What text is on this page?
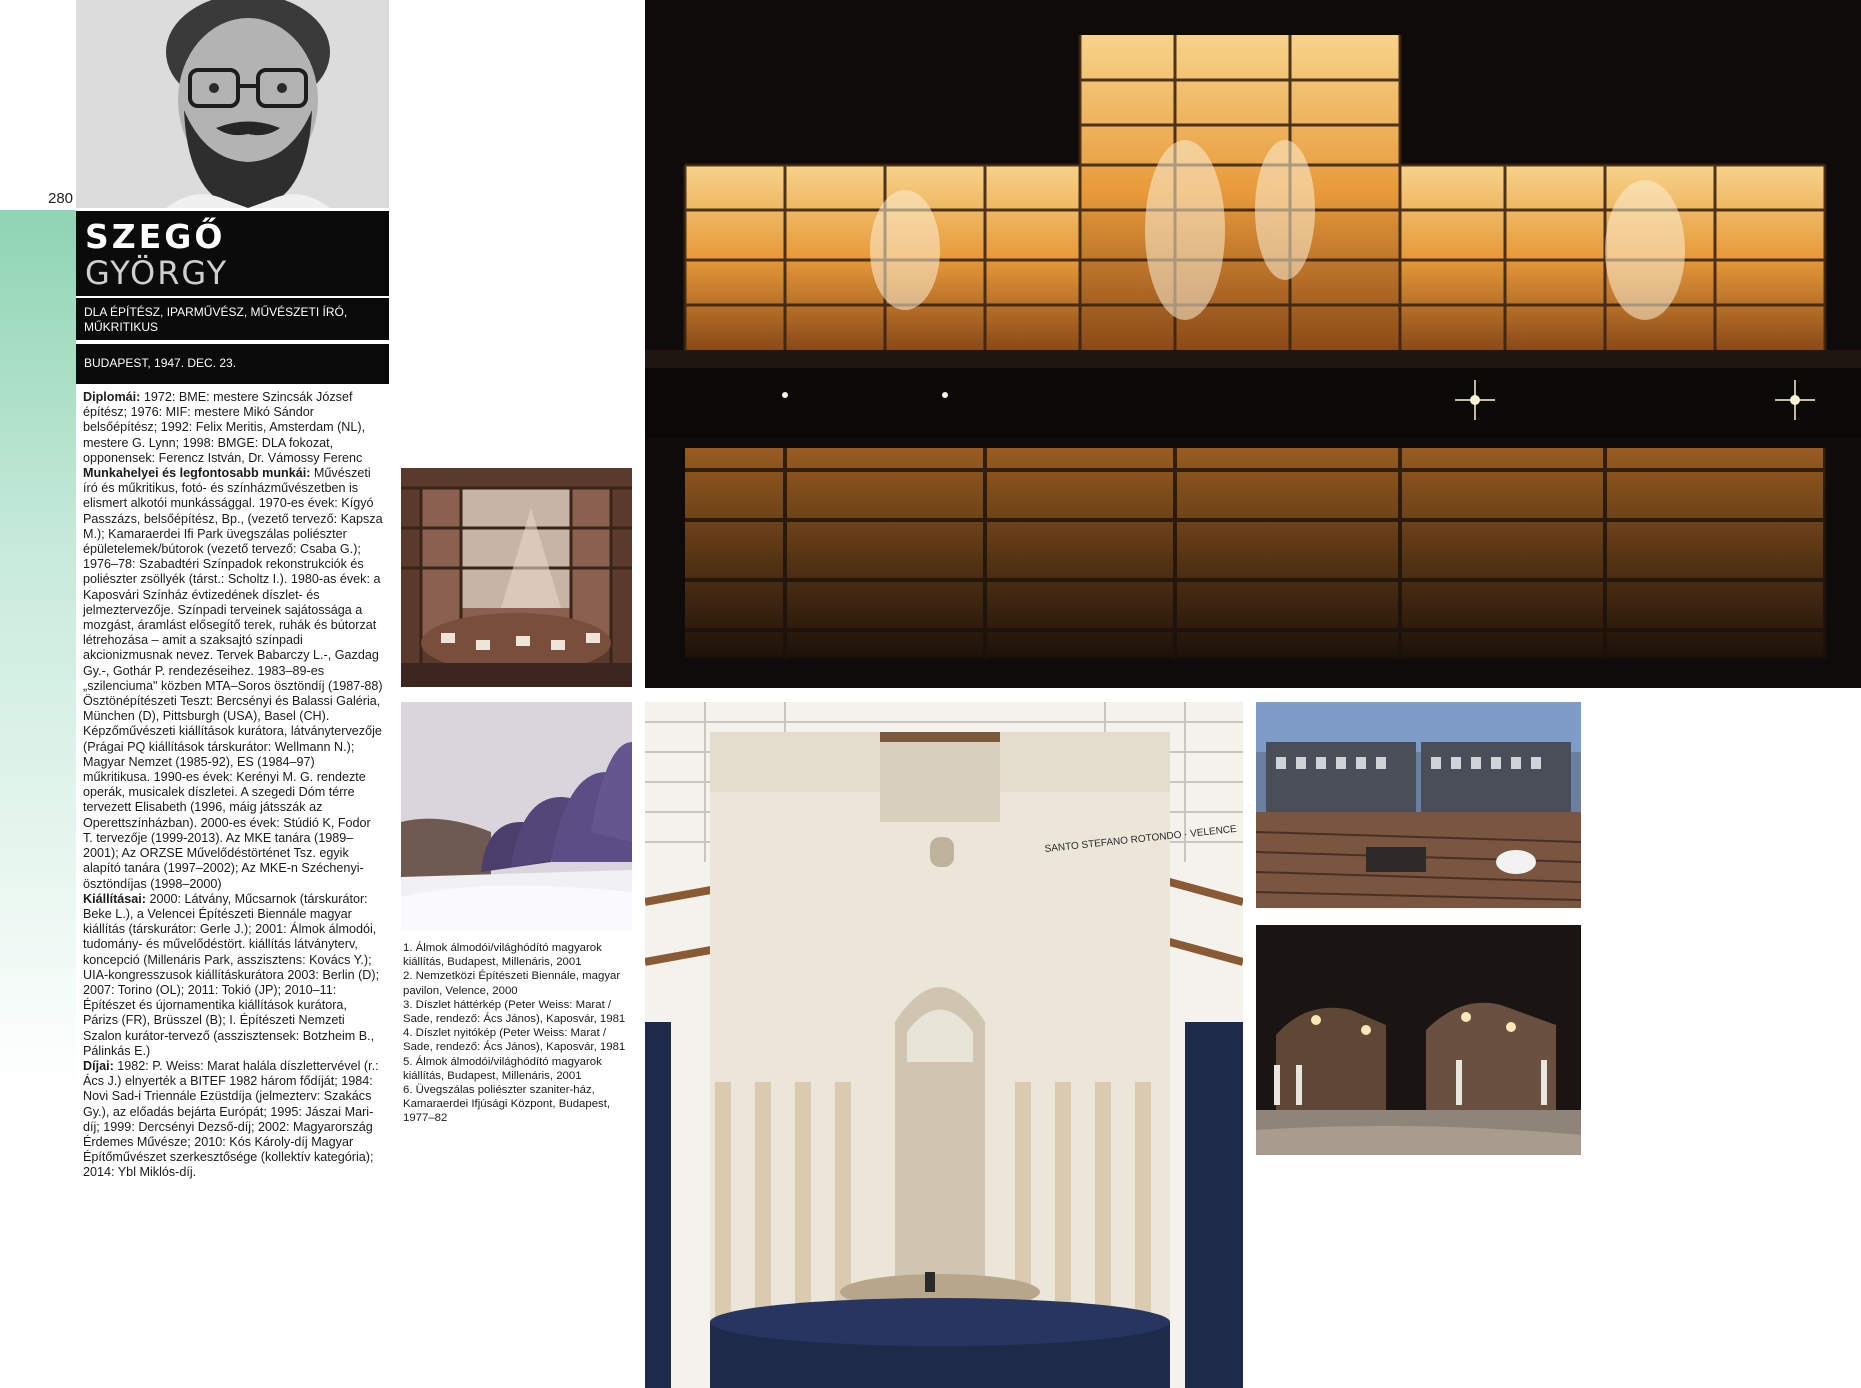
280
SZEGŐ
GYÖRGY
DLA ÉPÍTÉSZ, IPARMŰVÉSZ, MŰVÉSZETI ÍRÓ, MŰKRITIKUS
BUDAPEST, 1947. DEC. 23.

Diplomái: 1972: BME: mestere Szincsák József építész; 1976: MIF: mestere Mikó Sándor belsőépítész; 1992: Felix Meritis, Amsterdam (NL), mestere G. Lynn; 1998: BMGE: DLA fokozat, opponensek: Ferencz István, Dr. Vámossy Ferenc

Munkahelyei és legfontosabb munkái: Művészeti író és műkritikus, fotó- és színházművészetben is elismert alkotói munkássággal. 1970-es évek: Kígyó Passzázs, belsőépítész, Bp., (vezető tervező: Kapsza M.); Kamaraerdei Ifi Park üvegszálas poliészter épületelemek/bútorok (vezető tervező: Csaba G.); 1976–78: Szabadtéri Színpadok rekonstrukciók és poliészter zsöllyék (társt.: Scholtz I.). 1980-as évek: a Kaposvári Színház évtizedének díszlet- és jelmeztervezője. Színpadi terveinek sajátossága a mozgást, áramlást elősegítő terek, ruhák és bútorzat létrehozása – amit a szaksajtó színpadi akcionizmusnak nevez. Tervek Babarczy L.-, Gazdag Gy.-, Gothár P. rendezéseihez. 1983–89-es „szilenciuma" közben MTA–Soros ösztöndíj (1987-88) Ösztönépítészeti Teszt: Bercsényi és Balassi Galéria, München (D), Pittsburgh (USA), Basel (CH). Képzőművészeti kiállítások kurátora, látványtervezője (Prágai PQ kiállítások társkurátor: Wellmann N.); Magyar Nemzet (1985-92), ES (1984–97) műkritikusa. 1990-es évek: Kerényi M. G. rendezte operák, musicalek díszletei. A szegedi Dóm térre tervezett Elisabeth (1996, máig játsszák az Operettszínházban). 2000-es évek: Stúdió K, Fodor T. tervezője (1999-2013). Az MKE tanára (1989–2001); Az ORZSE Művelődéstörténet Tsz. egyik alapító tanára (1997–2002); Az MKE-n Széchenyi-ösztöndíjas (1998–2000)

Kiállításai: 2000: Látvány, Műcsarnok (társkurátor: Beke L.), a Velencei Építészeti Biennále magyar kiállítás (társkurátor: Gerle J.); 2001: Álmok álmodói, tudomány- és művelődéstört. kiállítás látványterv, koncepció (Millenáris Park, asszisztens: Kovács Y.); UIA-kongresszusok kiállításkurátora 2003: Berlin (D); 2007: Torino (OL); 2011: Tokió (JP); 2010–11: Építészet és újornamentika kiállítások kurátora, Párizs (FR), Brüsszel (B); I. Építészeti Nemzeti Szalon kurátor-tervező (asszisztensek: Botzheim B., Pálinkás E.)

Díjai: 1982: P. Weiss: Marat halála díszlettervével (r.: Ács J.) elnyerték a BITEF 1982 három fődíját; 1984: Novi Sad-i Triennále Ezüstdíja (jelmezterv: Szakács Gy.), az előadás bejárta Európát; 1995: Jászai Mari-díj; 1999: Dercsényi Dezső-díj; 2002: Magyarország Érdemes Művésze; 2010: Kós Károly-díj Magyar Építőművészet szerkesztősége (kollektív kategória); 2014: Ybl Miklós-díj.

SANTO STEFANO ROTONDO · VELENCE
1. Álmok álmodói/világhódító magyarok kiállítás, Budapest, Millenáris, 2001
2. Nemzetközi Építészeti Biennále, magyar pavilon, Velence, 2000
3. Díszlet háttérkép (Peter Weiss: Marat / Sade, rendező: Ács János), Kaposvár, 1981
4. Díszlet nyitókép (Peter Weiss: Marat / Sade, rendező: Ács János), Kaposvár, 1981
5. Álmok álmodói/világhódító magyarok kiállítás, Budapest, Millenáris, 2001
6. Üvegszálas poliészter szaniter-ház, Kamaraerdei Ifjúsági Központ, Budapest, 1977–82
